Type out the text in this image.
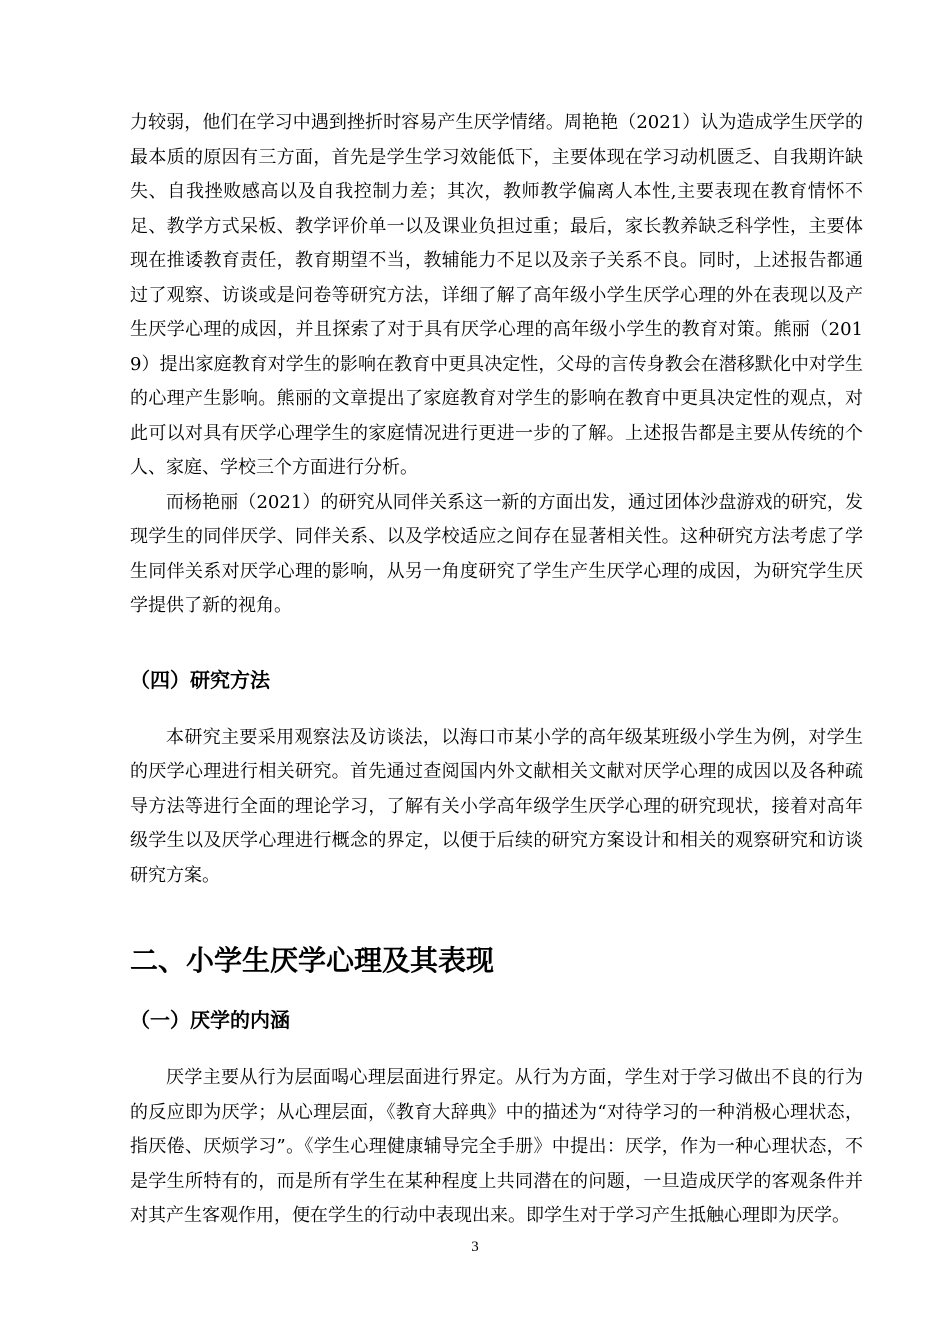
力较弱，他们在学习中遇到挫折时容易产生厌学情绪。周艳艳（2021）认为造成学生厌学的最本质的原因有三方面，首先是学生学习效能低下，主要体现在学习动机匮乏、自我期许缺失、自我挫败感高以及自我控制力差；其次，教师教学偏离人本性,主要表现在教育情怀不足、教学方式呆板、教学评价单一以及课业负担过重；最后，家长教养缺乏科学性，主要体现在推诿教育责任，教育期望不当，教辅能力不足以及亲子关系不良。同时，上述报告都通过了观察、访谈或是问卷等研究方法，详细了解了高年级小学生厌学心理的外在表现以及产生厌学心理的成因，并且探索了对于具有厌学心理的高年级小学生的教育对策。熊丽（2019）提出家庭教育对学生的影响在教育中更具决定性，父母的言传身教会在潜移默化中对学生的心理产生影响。熊丽的文章提出了家庭教育对学生的影响在教育中更具决定性的观点，对此可以对具有厌学心理学生的家庭情况进行更进一步的了解。上述报告都是主要从传统的个人、家庭、学校三个方面进行分析。

而杨艳丽（2021）的研究从同伴关系这一新的方面出发，通过团体沙盘游戏的研究，发现学生的同伴厌学、同伴关系、以及学校适应之间存在显著相关性。这种研究方法考虑了学生同伴关系对厌学心理的影响，从另一角度研究了学生产生厌学心理的成因，为研究学生厌学提供了新的视角。

（四）研究方法

本研究主要采用观察法及访谈法，以海口市某小学的高年级某班级小学生为例，对学生的厌学心理进行相关研究。首先通过查阅国内外文献相关文献对厌学心理的成因以及各种疏导方法等进行全面的理论学习，了解有关小学高年级学生厌学心理的研究现状，接着对高年级学生以及厌学心理进行概念的界定，以便于后续的研究方案设计和相关的观察研究和访谈研究方案。

二、小学生厌学心理及其表现
（一）厌学的内涵

厌学主要从行为层面喝心理层面进行界定。从行为方面，学生对于学习做出不良的行为的反应即为厌学；从心理层面，《教育大辞典》中的描述为“对待学习的一种消极心理状态，指厌倦、厌烦学习”。《学生心理健康辅导完全手册》中提出：厌学，作为一种心理状态，不是学生所特有的，而是所有学生在某种程度上共同潜在的问题，一旦造成厌学的客观条件并对其产生客观作用，便在学生的行动中表现出来。即学生对于学习产生抵触心理即为厌学。

3
